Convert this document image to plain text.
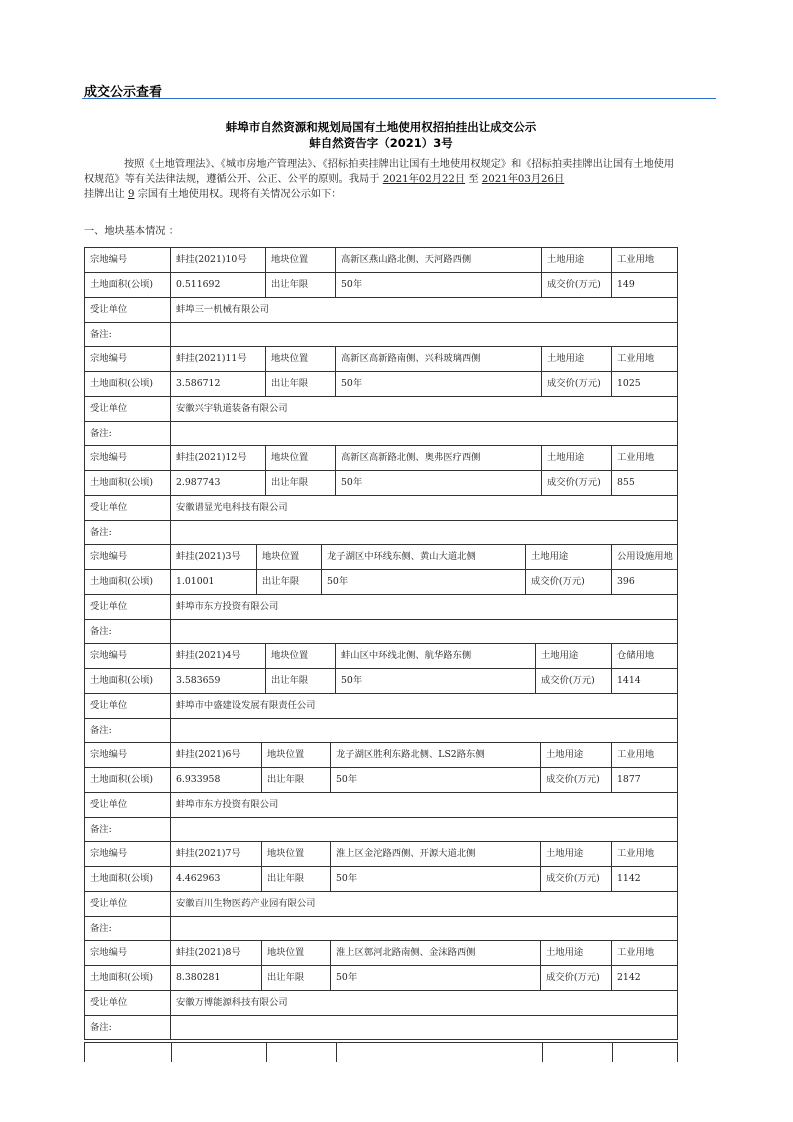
成交公示查看
蚌埠市自然资源和规划局国有土地使用权招拍挂出让成交公示
蚌自然资告字（2021）3号
按照《土地管理法》、《城市房地产管理法》、《招标拍卖挂牌出让国有土地使用权规定》和《招标拍卖挂牌出让国有土地使用权规范》等有关法律法规，遵循公开、公正、公平的原则。我局于 2021年02月22日 至 2021年03月26日
挂牌出让 9 宗国有土地使用权。现将有关情况公示如下：
一、地块基本情况 ：
宗地编号	蚌挂(2021)10号	地块位置	高新区燕山路北侧、天河路西侧	土地用途	工业用地
土地面积(公顷)	0.511692	出让年限	50年	成交价(万元)	149
受让单位	蚌埠三一机械有限公司
备注:
宗地编号	蚌挂(2021)11号	地块位置	高新区高新路南侧、兴科玻璃西侧	土地用途	工业用地
土地面积(公顷)	3.586712	出让年限	50年	成交价(万元)	1025
受让单位	安徽兴宇轨道装备有限公司
备注:
宗地编号	蚌挂(2021)12号	地块位置	高新区高新路北侧、奥弗医疗西侧	土地用途	工业用地
土地面积(公顷)	2.987743	出让年限	50年	成交价(万元)	855
受让单位	安徽谱显光电科技有限公司
备注:
宗地编号	蚌挂(2021)3号	地块位置	龙子湖区中环线东侧、黄山大道北侧	土地用途	公用设施用地
土地面积(公顷)	1.01001	出让年限	50年	成交价(万元)	396
受让单位	蚌埠市东方投资有限公司
备注:
宗地编号	蚌挂(2021)4号	地块位置	蚌山区中环线北侧、航华路东侧	土地用途	仓储用地
土地面积(公顷)	3.583659	出让年限	50年	成交价(万元)	1414
受让单位	蚌埠市中盛建设发展有限责任公司
备注:
宗地编号	蚌挂(2021)6号	地块位置	龙子湖区胜利东路北侧、LS2路东侧	土地用途	工业用地
土地面积(公顷)	6.933958	出让年限	50年	成交价(万元)	1877
受让单位	蚌埠市东方投资有限公司
备注:
宗地编号	蚌挂(2021)7号	地块位置	淮上区金沱路西侧、开源大道北侧	土地用途	工业用地
土地面积(公顷)	4.462963	出让年限	50年	成交价(万元)	1142
受让单位	安徽百川生物医药产业园有限公司
备注:
宗地编号	蚌挂(2021)8号	地块位置	淮上区鄣河北路南侧、金沫路西侧	土地用途	工业用地
土地面积(公顷)	8.380281	出让年限	50年	成交价(万元)	2142
受让单位	安徽万博能源科技有限公司
备注:
